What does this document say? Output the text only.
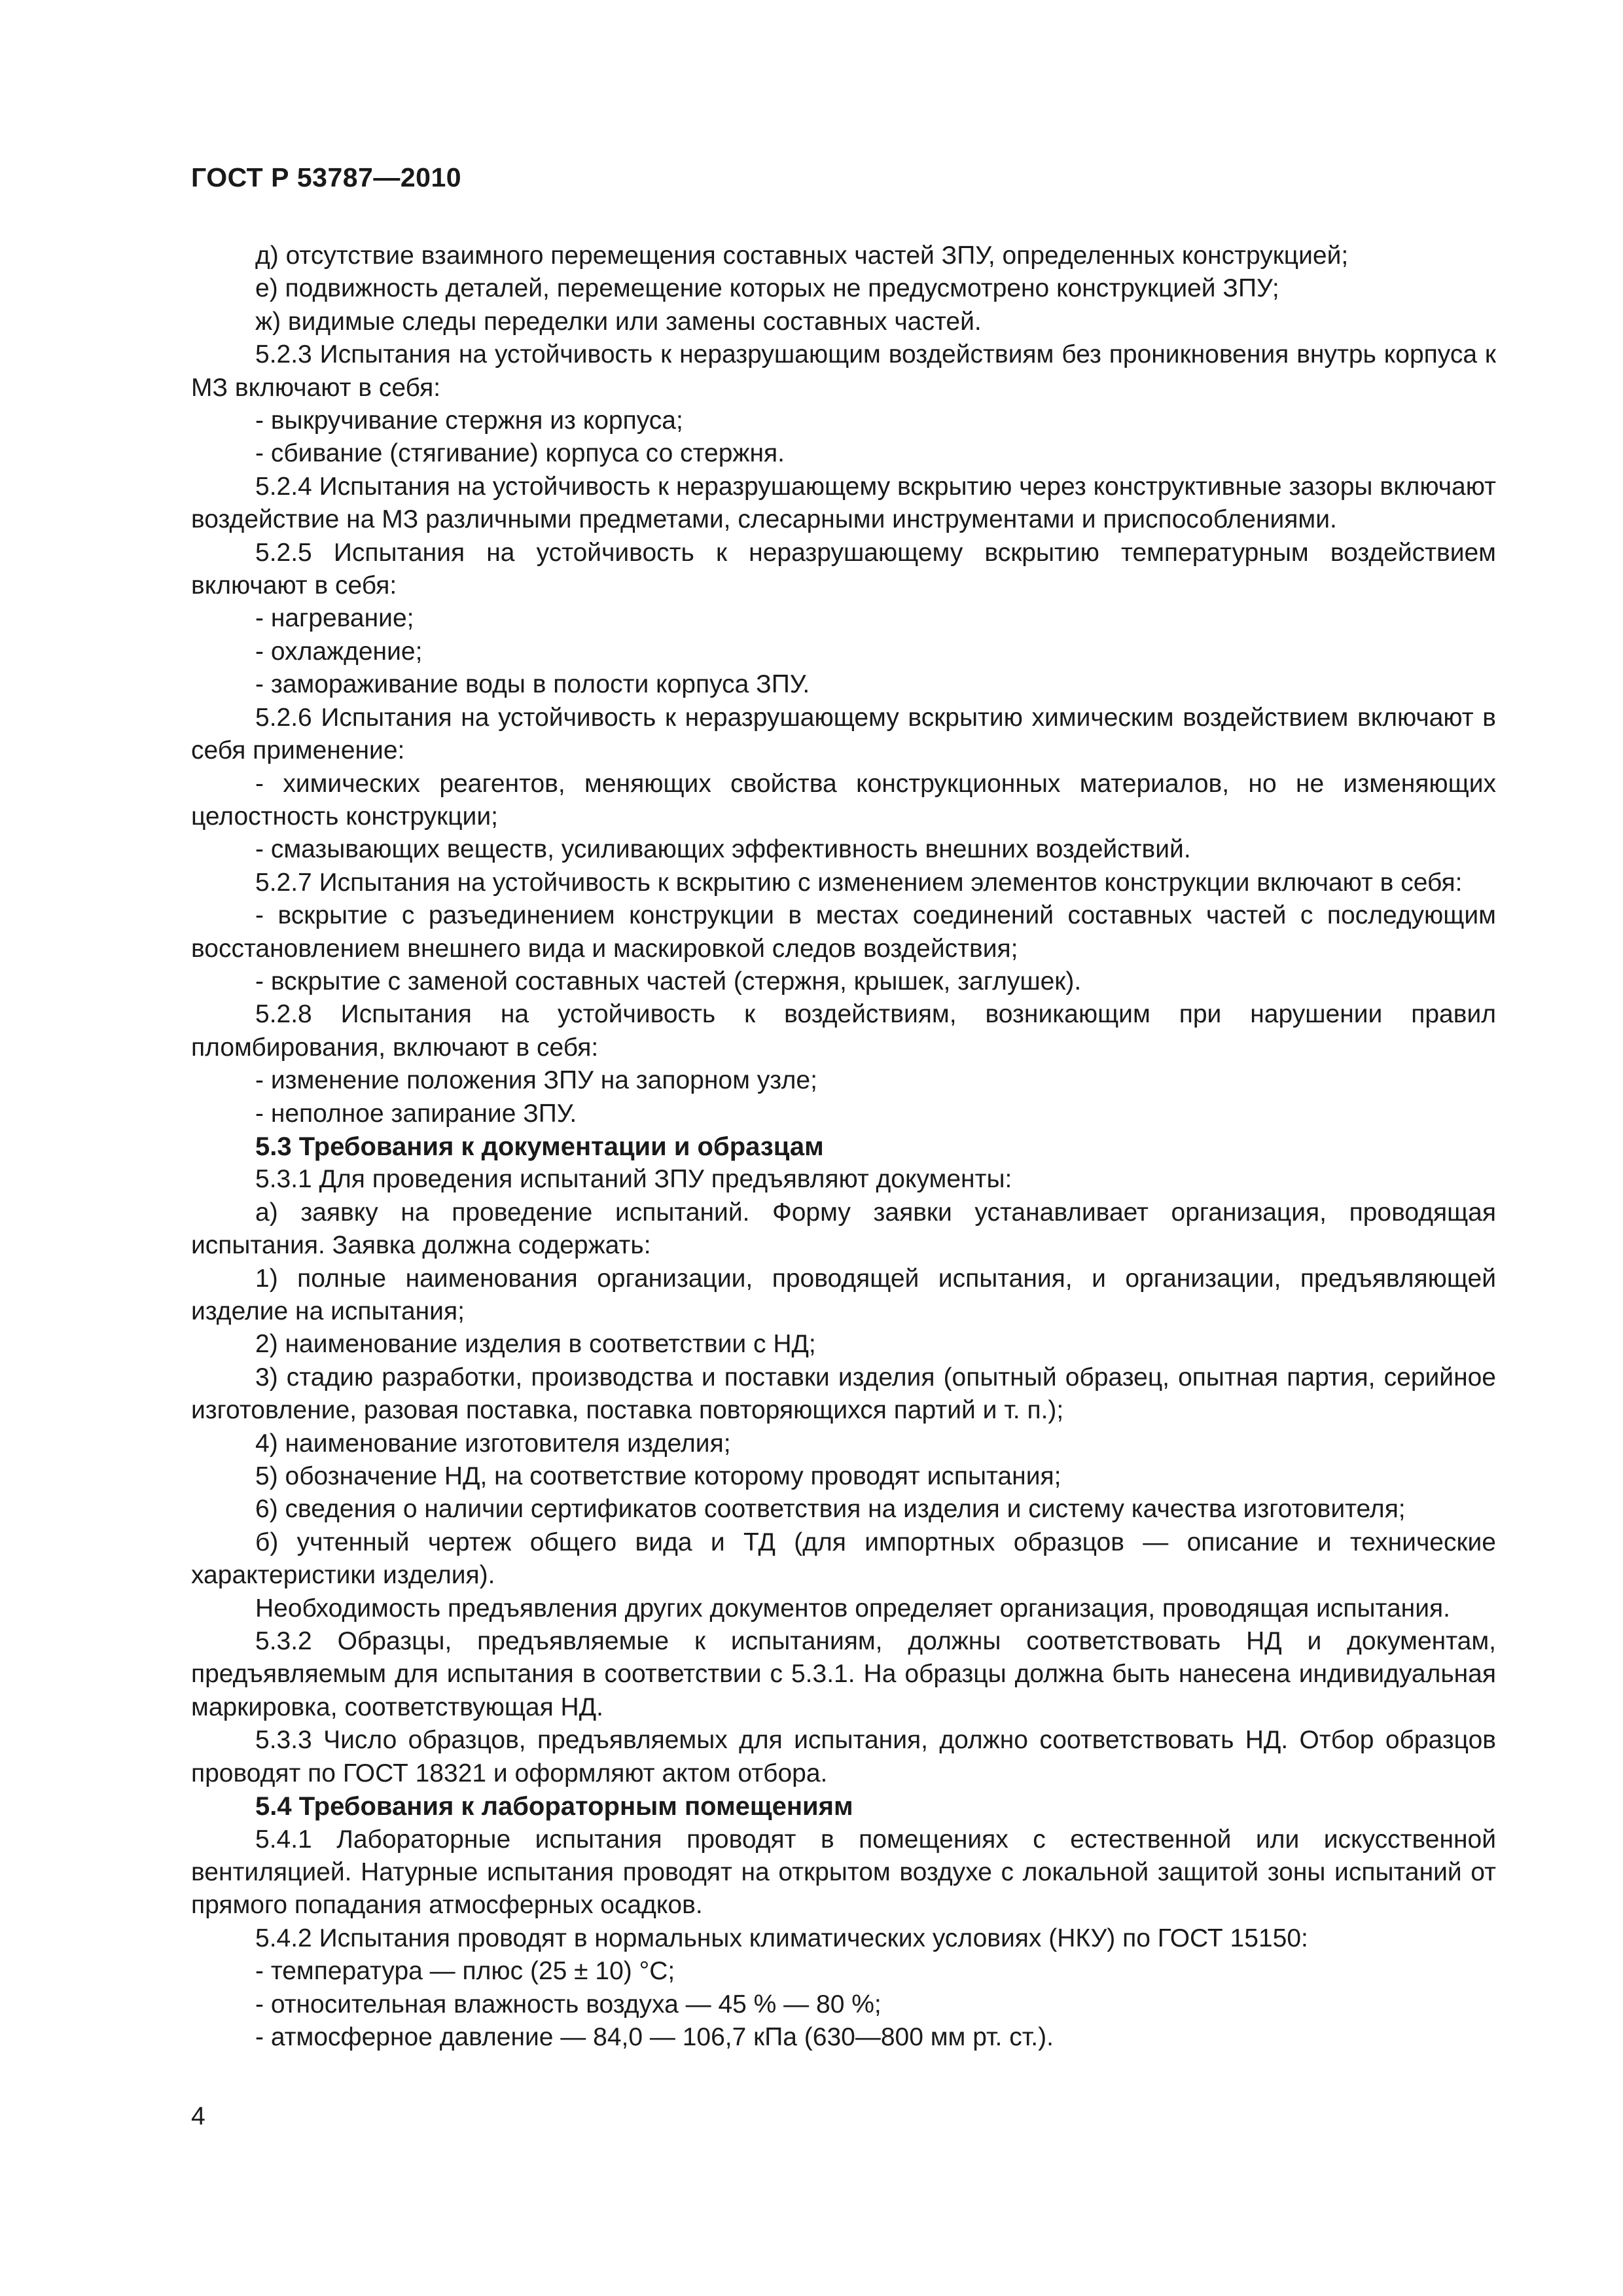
ГОСТ Р 53787—2010

д) отсутствие взаимного перемещения составных частей ЗПУ, определенных конструкцией;

е) подвижность деталей, перемещение которых не предусмотрено конструкцией ЗПУ;

ж) видимые следы переделки или замены составных частей.

5.2.3 Испытания на устойчивость к неразрушающим воздействиям без проникновения внутрь корпуса к МЗ включают в себя:

- выкручивание стержня из корпуса;

- сбивание (стягивание) корпуса со стержня.

5.2.4 Испытания на устойчивость к неразрушающему вскрытию через конструктивные зазоры включают воздействие на МЗ различными предметами, слесарными инструментами и приспособлениями.

5.2.5 Испытания на устойчивость к неразрушающему вскрытию температурным воздействием включают в себя:

- нагревание;

- охлаждение;

- замораживание воды в полости корпуса ЗПУ.

5.2.6 Испытания на устойчивость к неразрушающему вскрытию химическим воздействием включают в себя применение:

- химических реагентов, меняющих свойства конструкционных материалов, но не изменяющих целостность конструкции;

- смазывающих веществ, усиливающих эффективность внешних воздействий.

5.2.7 Испытания на устойчивость к вскрытию с изменением элементов конструкции включают в себя:

- вскрытие с разъединением конструкции в местах соединений составных частей с последующим восстановлением внешнего вида и маскировкой следов воздействия;

- вскрытие с заменой составных частей (стержня, крышек, заглушек).

5.2.8 Испытания на устойчивость к воздействиям, возникающим при нарушении правил пломбирования, включают в себя:

- изменение положения ЗПУ на запорном узле;

- неполное запирание ЗПУ.

5.3 Требования к документации и образцам

5.3.1 Для проведения испытаний ЗПУ предъявляют документы:

а) заявку на проведение испытаний. Форму заявки устанавливает организация, проводящая испытания. Заявка должна содержать:

1) полные наименования организации, проводящей испытания, и организации, предъявляющей изделие на испытания;

2) наименование изделия в соответствии с НД;

3) стадию разработки, производства и поставки изделия (опытный образец, опытная партия, серийное изготовление, разовая поставка, поставка повторяющихся партий и т. п.);

4) наименование изготовителя изделия;

5) обозначение НД, на соответствие которому проводят испытания;

6) сведения о наличии сертификатов соответствия на изделия и систему качества изготовителя;

б) учтенный чертеж общего вида и ТД (для импортных образцов — описание и технические характеристики изделия).

Необходимость предъявления других документов определяет организация, проводящая испытания.

5.3.2 Образцы, предъявляемые к испытаниям, должны соответствовать НД и документам, предъявляемым для испытания в соответствии с 5.3.1. На образцы должна быть нанесена индивидуальная маркировка, соответствующая НД.

5.3.3 Число образцов, предъявляемых для испытания, должно соответствовать НД. Отбор образцов проводят по ГОСТ 18321 и оформляют актом отбора.

5.4 Требования к лабораторным помещениям

5.4.1 Лабораторные испытания проводят в помещениях с естественной или искусственной вентиляцией. Натурные испытания проводят на открытом воздухе с локальной защитой зоны испытаний от прямого попадания атмосферных осадков.

5.4.2 Испытания проводят в нормальных климатических условиях (НКУ) по ГОСТ 15150:

- температура — плюс (25 ± 10) °С;

- относительная влажность воздуха — 45 % — 80 %;

- атмосферное давление — 84,0 — 106,7 кПа (630—800 мм рт. ст.).

4
